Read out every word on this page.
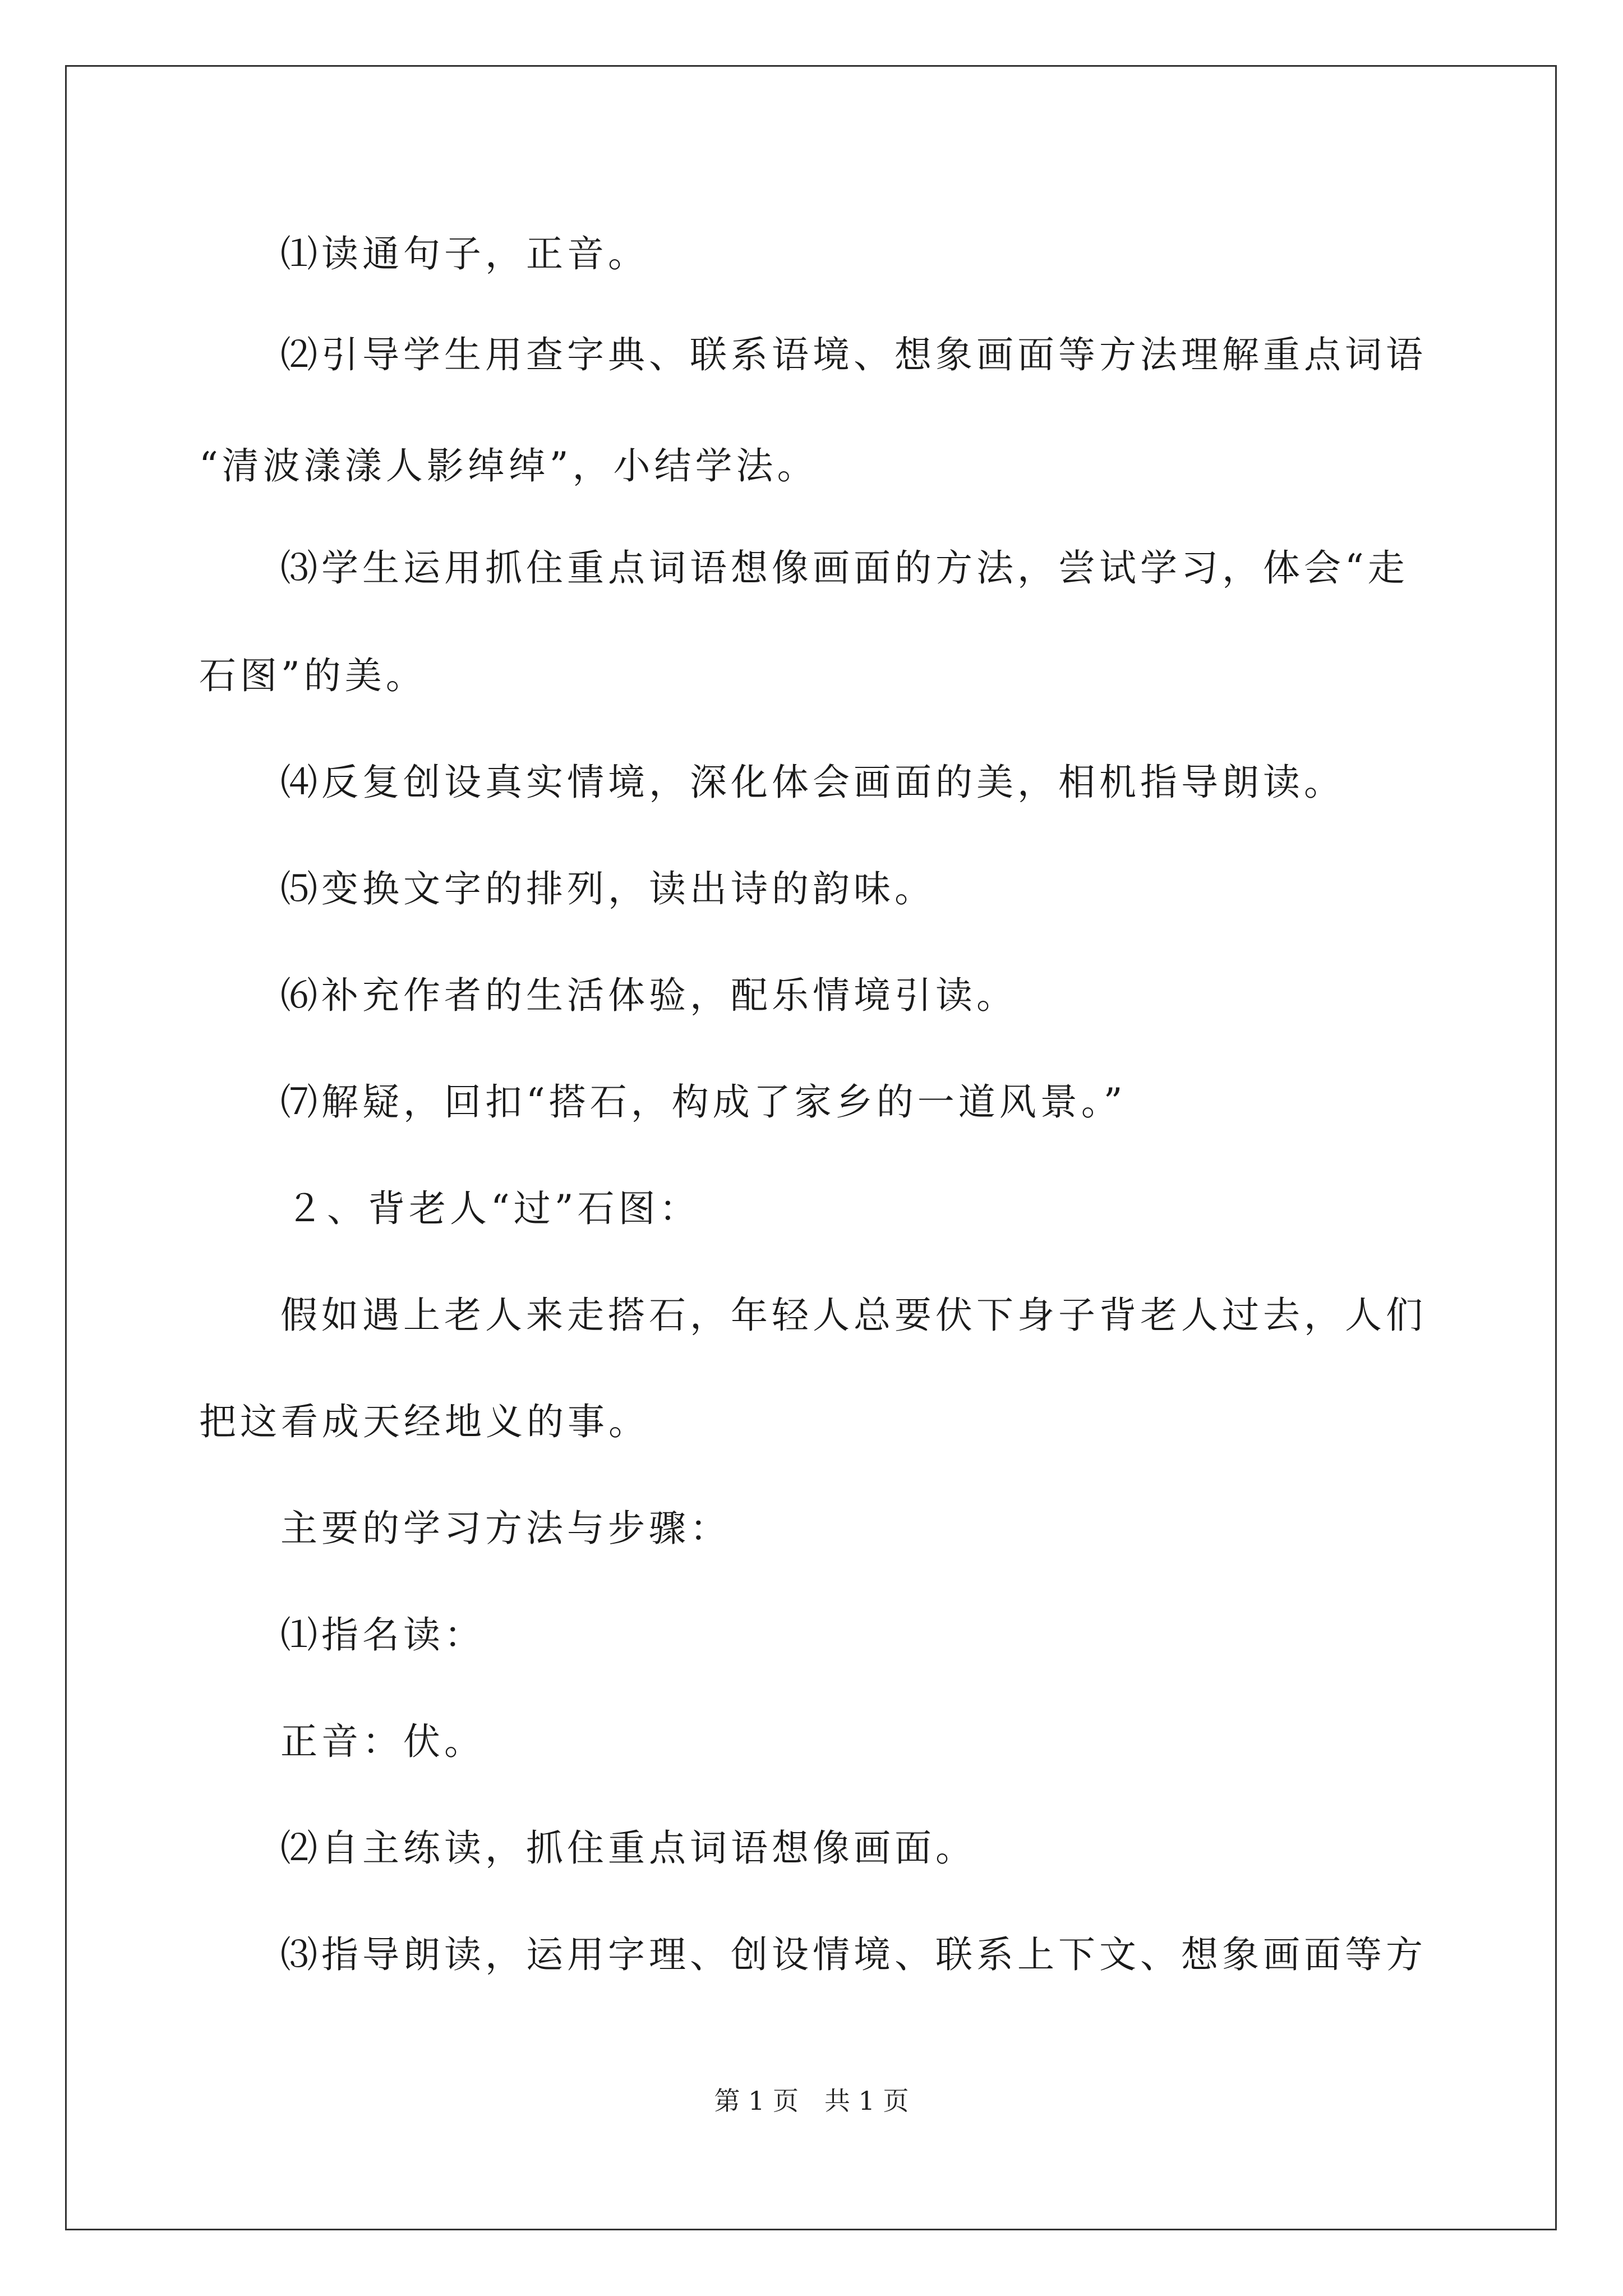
⑴读通句子，正音。
⑵引导学生用查字典、联系语境、想象画面等方法理解重点词语
“清波漾漾人影绰绰”，小结学法。
⑶学生运用抓住重点词语想像画面的方法，尝试学习，体会“走
石图”的美。
⑷反复创设真实情境，深化体会画面的美，相机指导朗读。
⑸变换文字的排列，读出诗的韵味。
⑹补充作者的生活体验，配乐情境引读。
⑺解疑，回扣“搭石，构成了家乡的一道风景。”
２、背老人“过”石图：
假如遇上老人来走搭石，年轻人总要伏下身子背老人过去，人们
把这看成天经地义的事。
主要的学习方法与步骤：
⑴指名读：
正音：伏。
⑵自主练读，抓住重点词语想像画面。
⑶指导朗读，运用字理、创设情境、联系上下文、想象画面等方
第 1 页　共 1 页
